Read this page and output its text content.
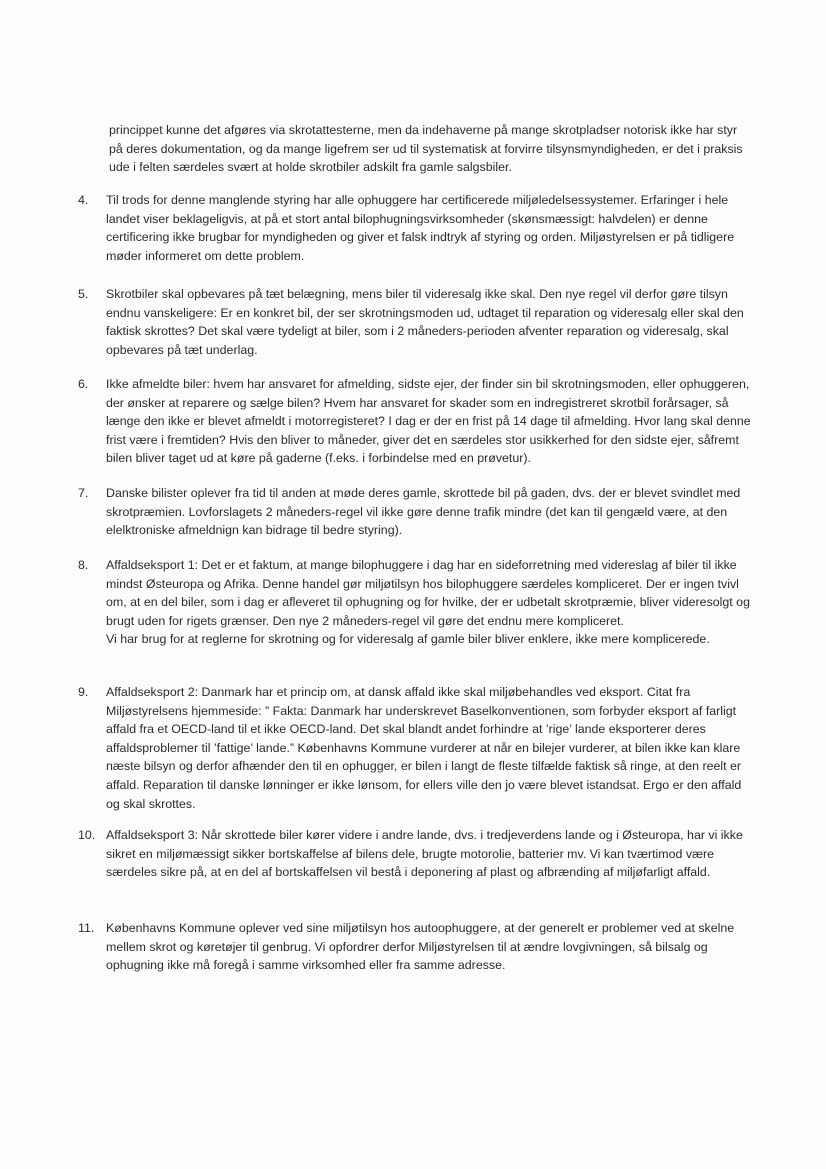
princippet kunne det afgøres via skrotattesterne, men da indehaverne på mange skrotpladser notorisk ikke har styr på deres dokumentation, og da mange ligefrem ser ud til systematisk at forvirre tilsynsmyndigheden, er det i praksis ude i felten særdeles svært at holde skrotbiler adskilt fra gamle salgsbiler.

4.	Til trods for denne manglende styring har alle ophuggere har certificerede miljøledelsessystemer. Erfaringer i hele landet viser beklageligvis, at på et stort antal bilophugningsvirksomheder (skønsmæssigt: halvdelen) er denne certificering ikke brugbar for myndigheden og giver et falsk indtryk af styring og orden. Miljøstyrelsen er på tidligere møder informeret om dette problem.

5.	Skrotbiler skal opbevares på tæt belægning, mens biler til videresalg ikke skal. Den nye regel vil derfor gøre tilsyn endnu vanskeligere: Er en konkret bil, der ser skrotningsmoden ud, udtaget til reparation og videresalg eller skal den faktisk skrottes? Det skal være tydeligt at biler, som i 2 måneders-perioden afventer reparation og videresalg, skal opbevares på tæt underlag.

6.	Ikke afmeldte biler: hvem har ansvaret for afmelding, sidste ejer, der finder sin bil skrotningsmoden, eller ophuggeren, der ønsker at reparere og sælge bilen? Hvem har ansvaret for skader som en indregistreret skrotbil forårsager, så længe den ikke er blevet afmeldt i motorregisteret? I dag er der en frist på 14 dage til afmelding. Hvor lang skal denne frist være i fremtiden? Hvis den bliver to måneder, giver det en særdeles stor usikkerhed for den sidste ejer, såfremt bilen bliver taget ud at køre på gaderne (f.eks. i forbindelse med en prøvetur).

7.	Danske bilister oplever fra tid til anden at møde deres gamle, skrottede bil på gaden, dvs. der er blevet svindlet med skrotpræmien. Lovforslagets 2 måneders-regel vil ikke gøre denne trafik mindre (det kan til gengæld være, at den elelktroniske afmeldnign kan bidrage til bedre styring).

8.	Affaldseksport 1: Det er et faktum, at mange bilophuggere i dag har en sideforretning med videreslag af biler til ikke mindst Østeuropa og Afrika. Denne handel gør miljøtilsyn hos bilophuggere særdeles kompliceret. Der er ingen tvivl om, at en del biler, som i dag er afleveret til ophugning og for hvilke, der er udbetalt skrotpræmie, bliver videresolgt og brugt uden for rigets grænser. Den nye 2 måneders-regel vil gøre det endnu mere kompliceret.

Vi har brug for at reglerne for skrotning og for videresalg af gamle biler bliver enklere, ikke mere komplicerede.

9.	Affaldseksport 2: Danmark har et princip om, at dansk affald ikke skal miljøbehandles ved eksport. Citat fra Miljøstyrelsens hjemmeside: ” Fakta: Danmark har underskrevet Baselkonventionen, som forbyder eksport af farligt affald fra et OECD-land til et ikke OECD-land. Det skal blandt andet forhindre at ’rige’ lande eksporterer deres affaldsproblemer til ’fattige’ lande.” Københavns Kommune vurderer at når en bilejer vurderer, at bilen ikke kan klare næste bilsyn og derfor afhænder den til en ophugger, er bilen i langt de fleste tilfælde faktisk så ringe, at den reelt er affald. Reparation til danske lønninger er ikke lønsom, for ellers ville den jo være blevet istandsat. Ergo er den affald og skal skrottes.

10. Affaldseksport 3: Når skrottede biler kører videre i andre lande, dvs. i tredjeverdens lande og i Østeuropa, har vi ikke sikret en miljømæssigt sikker bortskaffelse af bilens dele, brugte motorolie, batterier mv. Vi kan tværtimod være særdeles sikre på, at en del af bortskaffelsen vil bestå i deponering af plast og afbrænding af miljøfarligt affald.

11. Københavns Kommune oplever ved sine miljøtilsyn hos autoophuggere, at der generelt er problemer ved at skelne mellem skrot og køretøjer til genbrug. Vi opfordrer derfor Miljøstyrelsen til at ændre lovgivningen, så bilsalg og ophugning ikke må foregå i samme virksomhed eller fra samme adresse.
